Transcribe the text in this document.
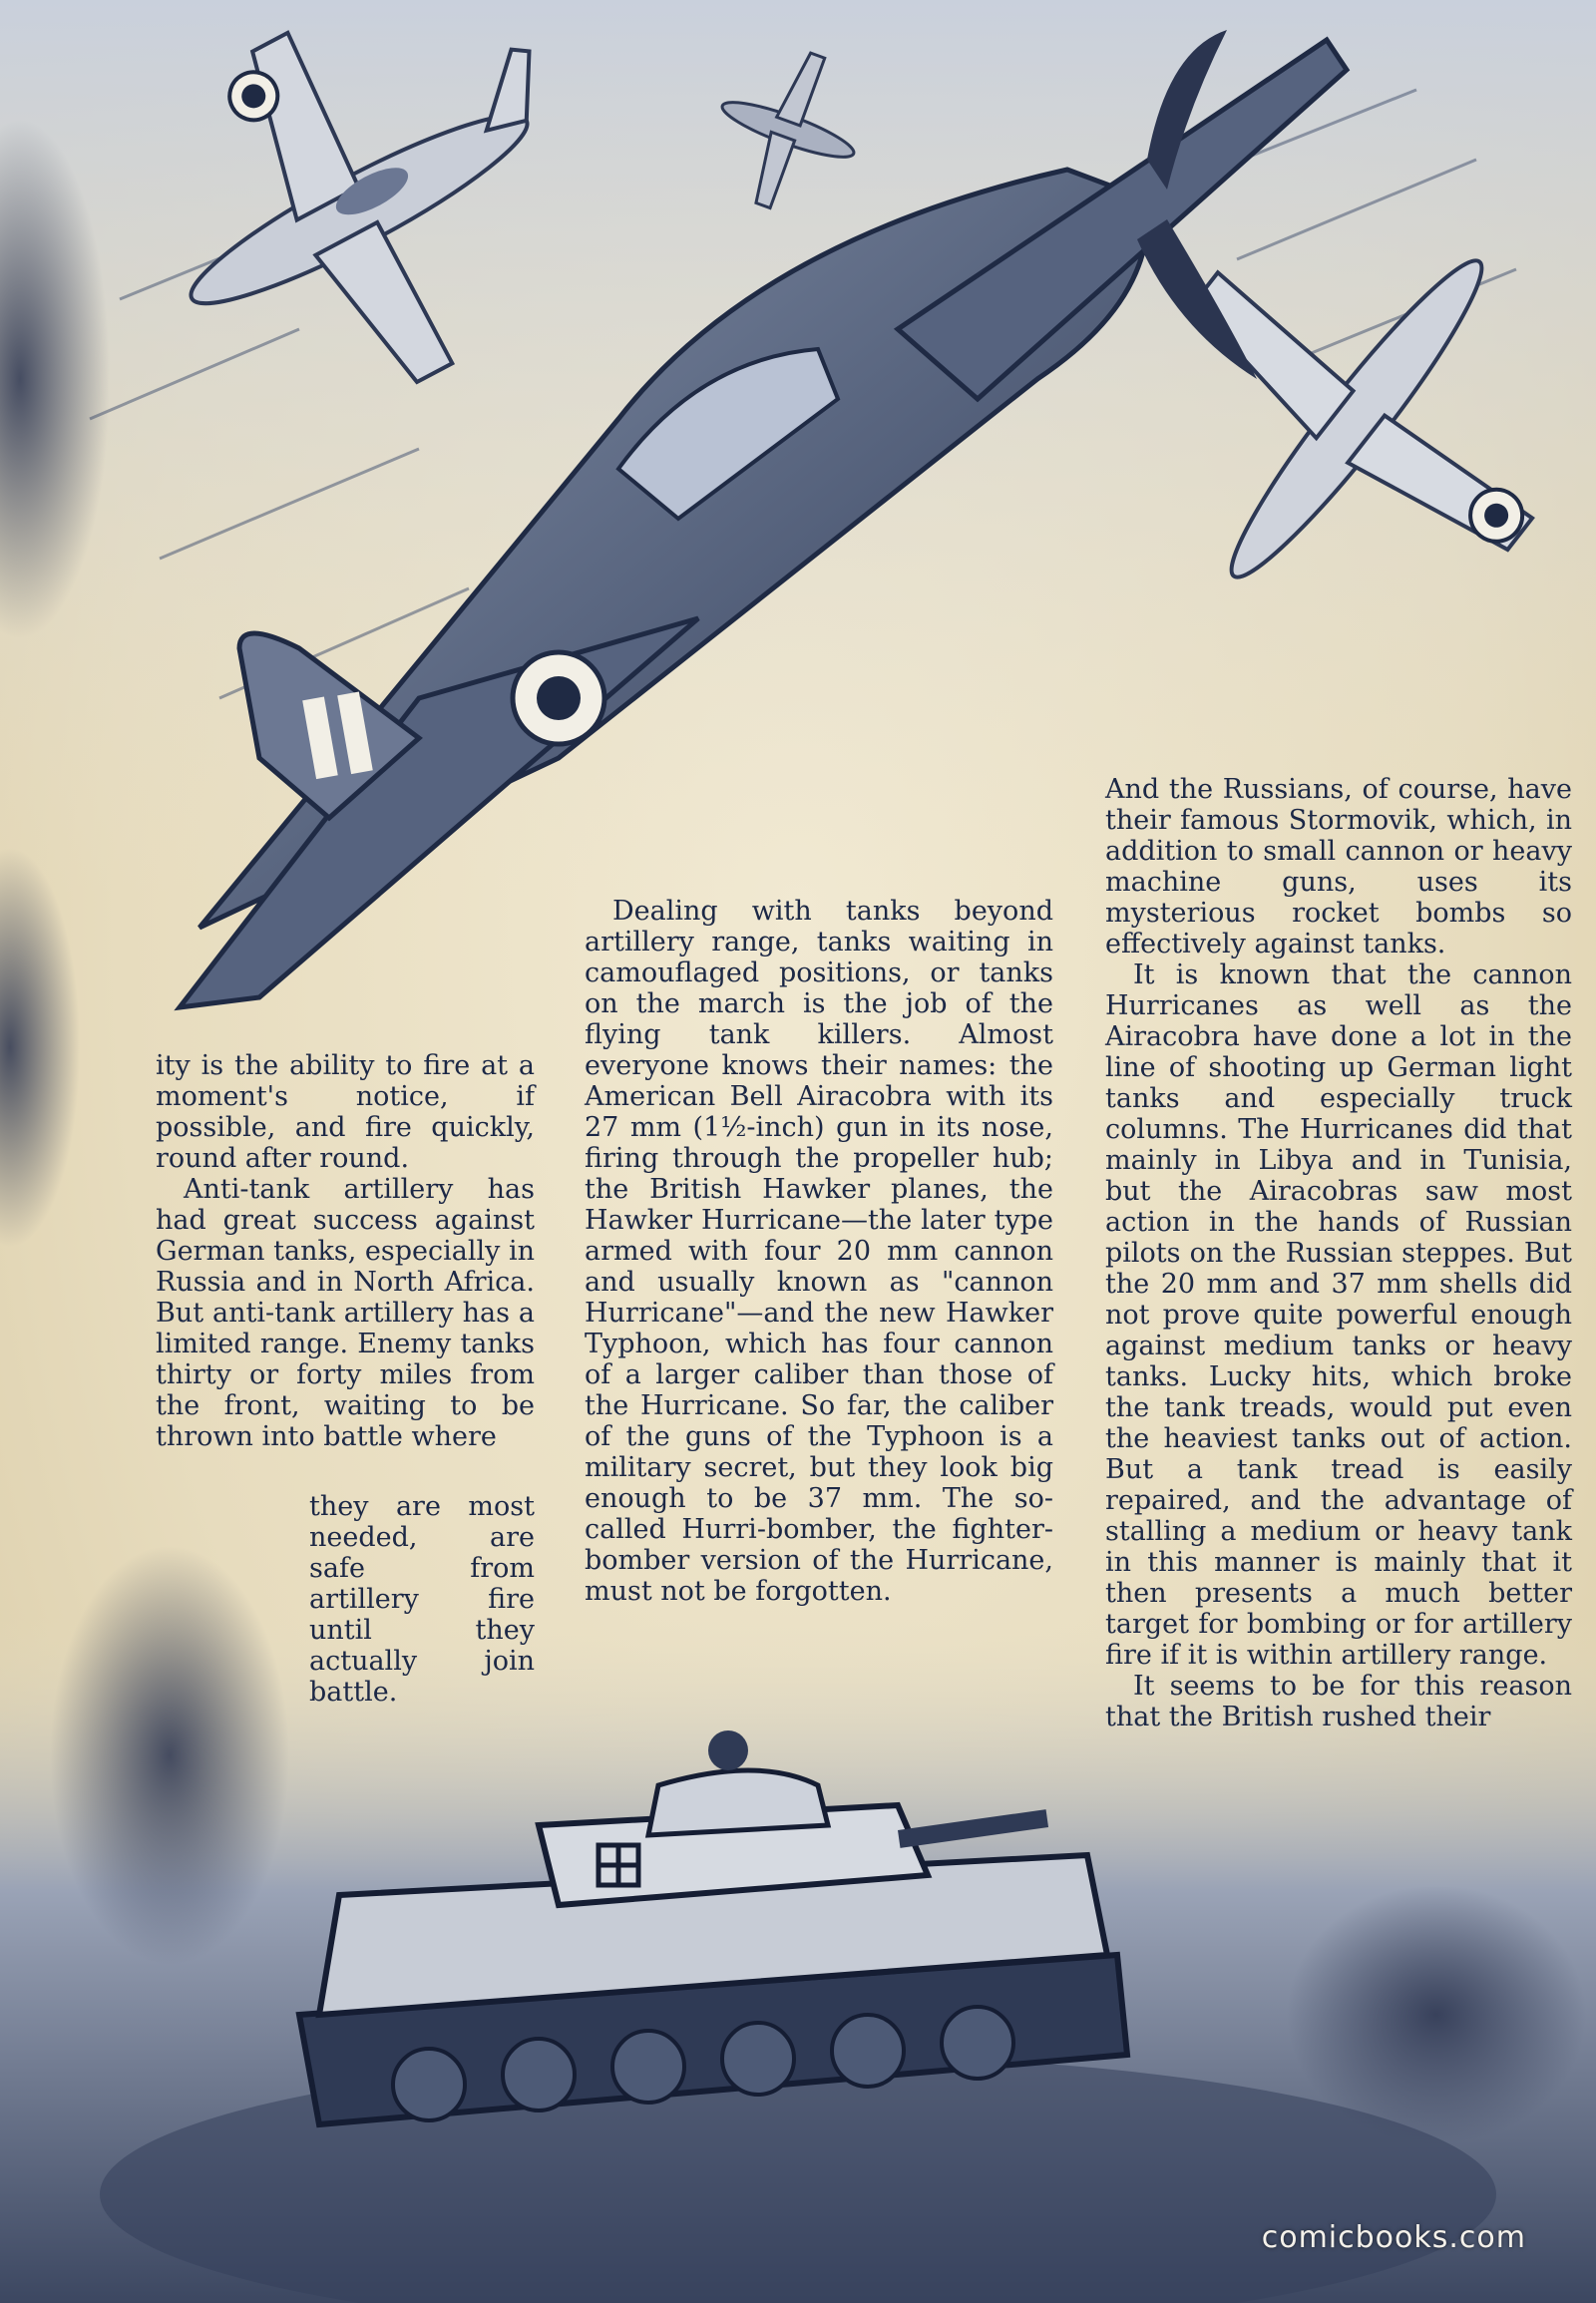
ity is the ability to fire at a moment's notice, if possible, and fire quickly, round after round.

Anti-tank artillery has had great success against German tanks, especially in Russia and in North Africa. But anti-tank artillery has a limited range. Enemy tanks thirty or forty miles from the front, waiting to be thrown into battle where

they are most needed, are safe from artillery fire until they actually join battle.

Dealing with tanks beyond artillery range, tanks waiting in camouflaged positions, or tanks on the march is the job of the flying tank killers. Almost everyone knows their names: the American Bell Airacobra with its 27 mm (1½-inch) gun in its nose, firing through the propeller hub; the British Hawker planes, the Hawker Hurricane—the later type armed with four 20 mm cannon and usually known as "cannon Hurricane"—and the new Hawker Typhoon, which has four cannon of a larger caliber than those of the Hurricane. So far, the caliber of the guns of the Typhoon is a military secret, but they look big enough to be 37 mm. The so-called Hurri-bomber, the fighter-bomber version of the Hurricane, must not be forgotten.

And the Russians, of course, have their famous Stormovik, which, in addition to small cannon or heavy machine guns, uses its mysterious rocket bombs so effectively against tanks.

It is known that the cannon Hurricanes as well as the Airacobra have done a lot in the line of shooting up German light tanks and especially truck columns. The Hurricanes did that mainly in Libya and in Tunisia, but the Airacobras saw most action in the hands of Russian pilots on the Russian steppes. But the 20 mm and 37 mm shells did not prove quite powerful enough against medium tanks or heavy tanks. Lucky hits, which broke the tank treads, would put even the heaviest tanks out of action. But a tank tread is easily repaired, and the advantage of stalling a medium or heavy tank in this manner is mainly that it then presents a much better target for bombing or for artillery fire if it is within artillery range.

It seems to be for this reason that the British rushed their

comicbooks.com
